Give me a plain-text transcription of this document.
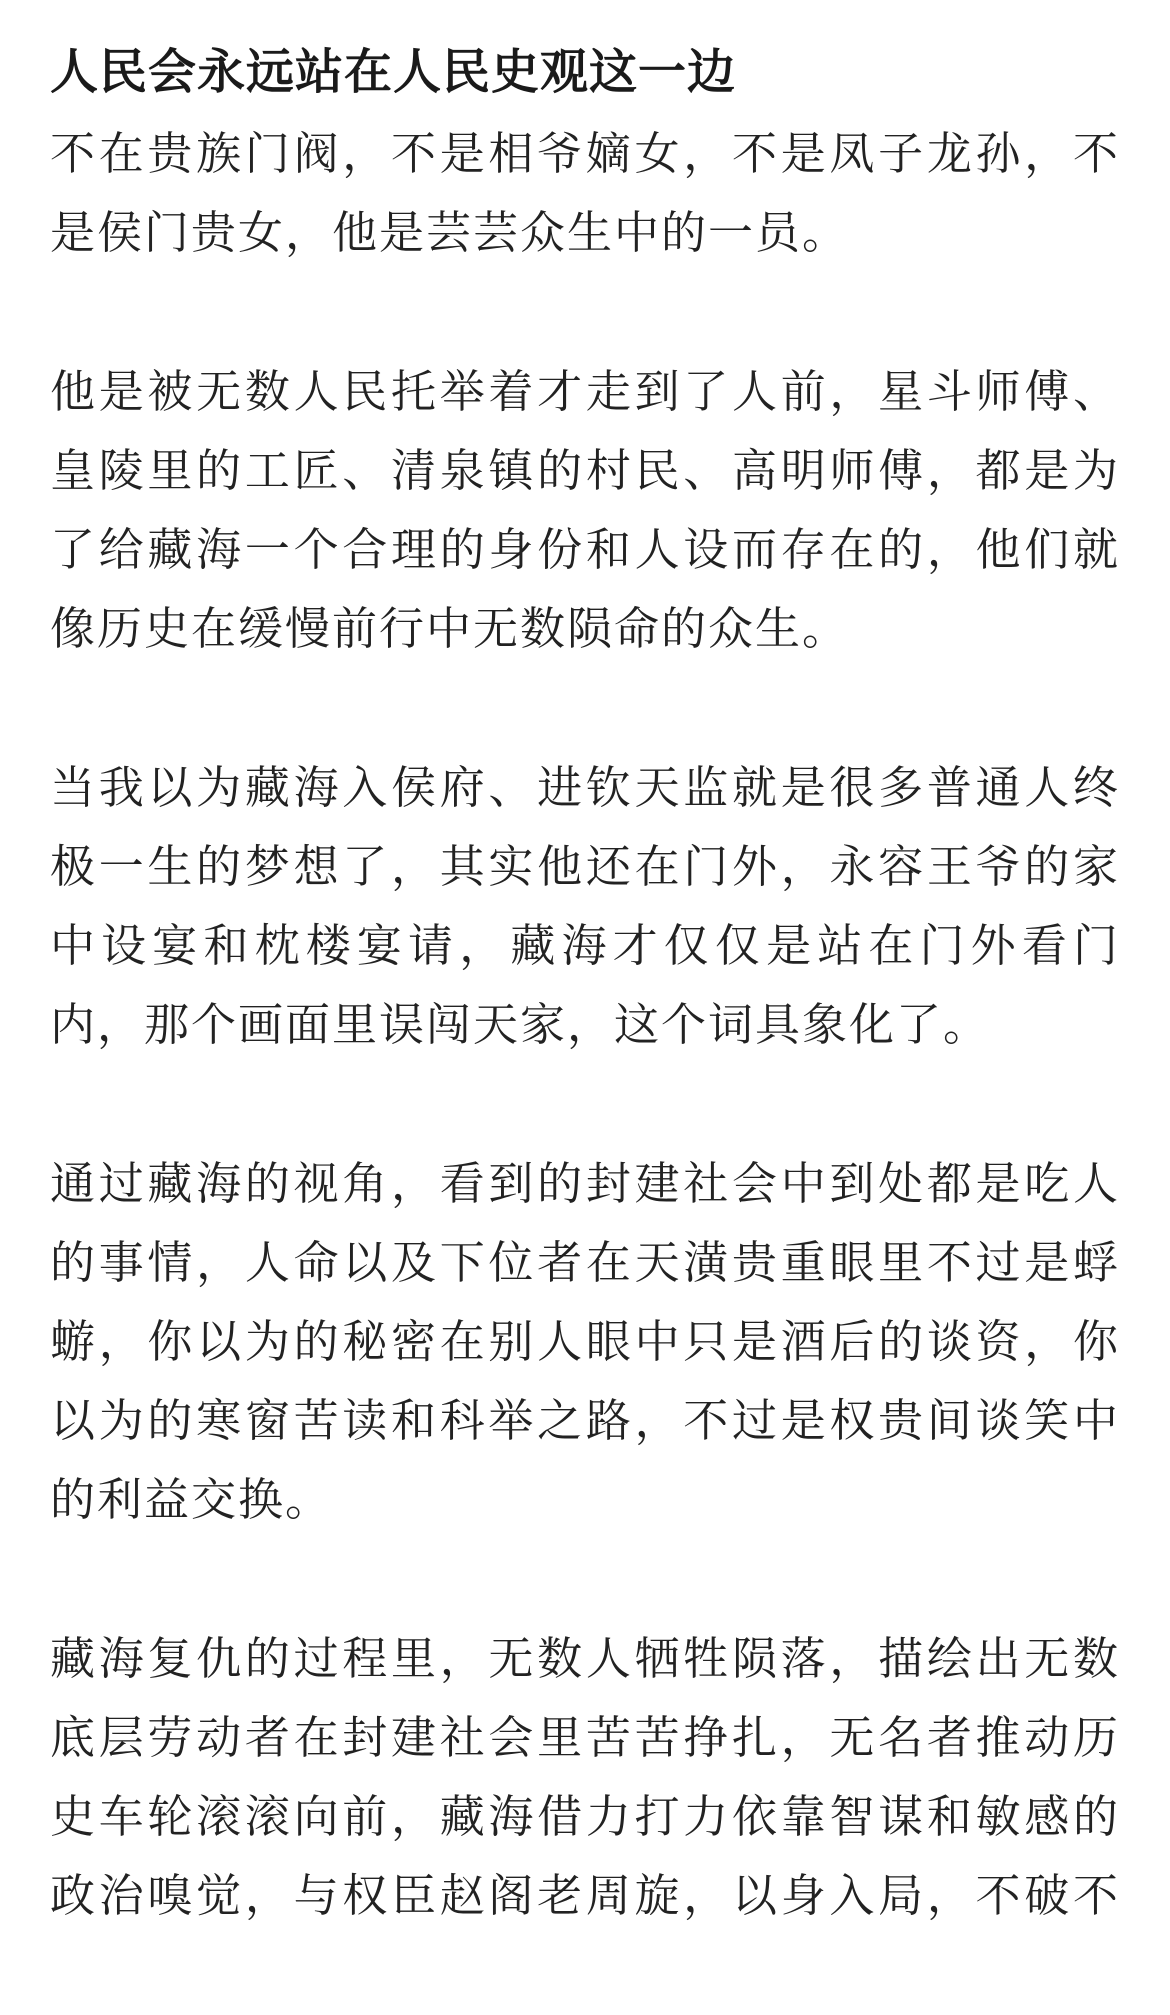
人民会永远站在人民史观这一边
不在贵族门阀，不是相爷嫡女，不是凤子龙孙，不
是侯门贵女，他是芸芸众生中的一员。
他是被无数人民托举着才走到了人前，星斗师傅、
皇陵里的工匠、清泉镇的村民、高明师傅，都是为
了给藏海一个合理的身份和人设而存在的，他们就
像历史在缓慢前行中无数陨命的众生。
当我以为藏海入侯府、进钦天监就是很多普通人终
极一生的梦想了，其实他还在门外，永容王爷的家
中设宴和枕楼宴请，藏海才仅仅是站在门外看门
内，那个画面里误闯天家，这个词具象化了。
通过藏海的视角，看到的封建社会中到处都是吃人
的事情，人命以及下位者在天潢贵重眼里不过是蜉
蝣，你以为的秘密在别人眼中只是酒后的谈资，你
以为的寒窗苦读和科举之路，不过是权贵间谈笑中
的利益交换。
藏海复仇的过程里，无数人牺牲陨落，描绘出无数
底层劳动者在封建社会里苦苦挣扎，无名者推动历
史车轮滚滚向前，藏海借力打力依靠智谋和敏感的
政治嗅觉，与权臣赵阁老周旋，以身入局，不破不
